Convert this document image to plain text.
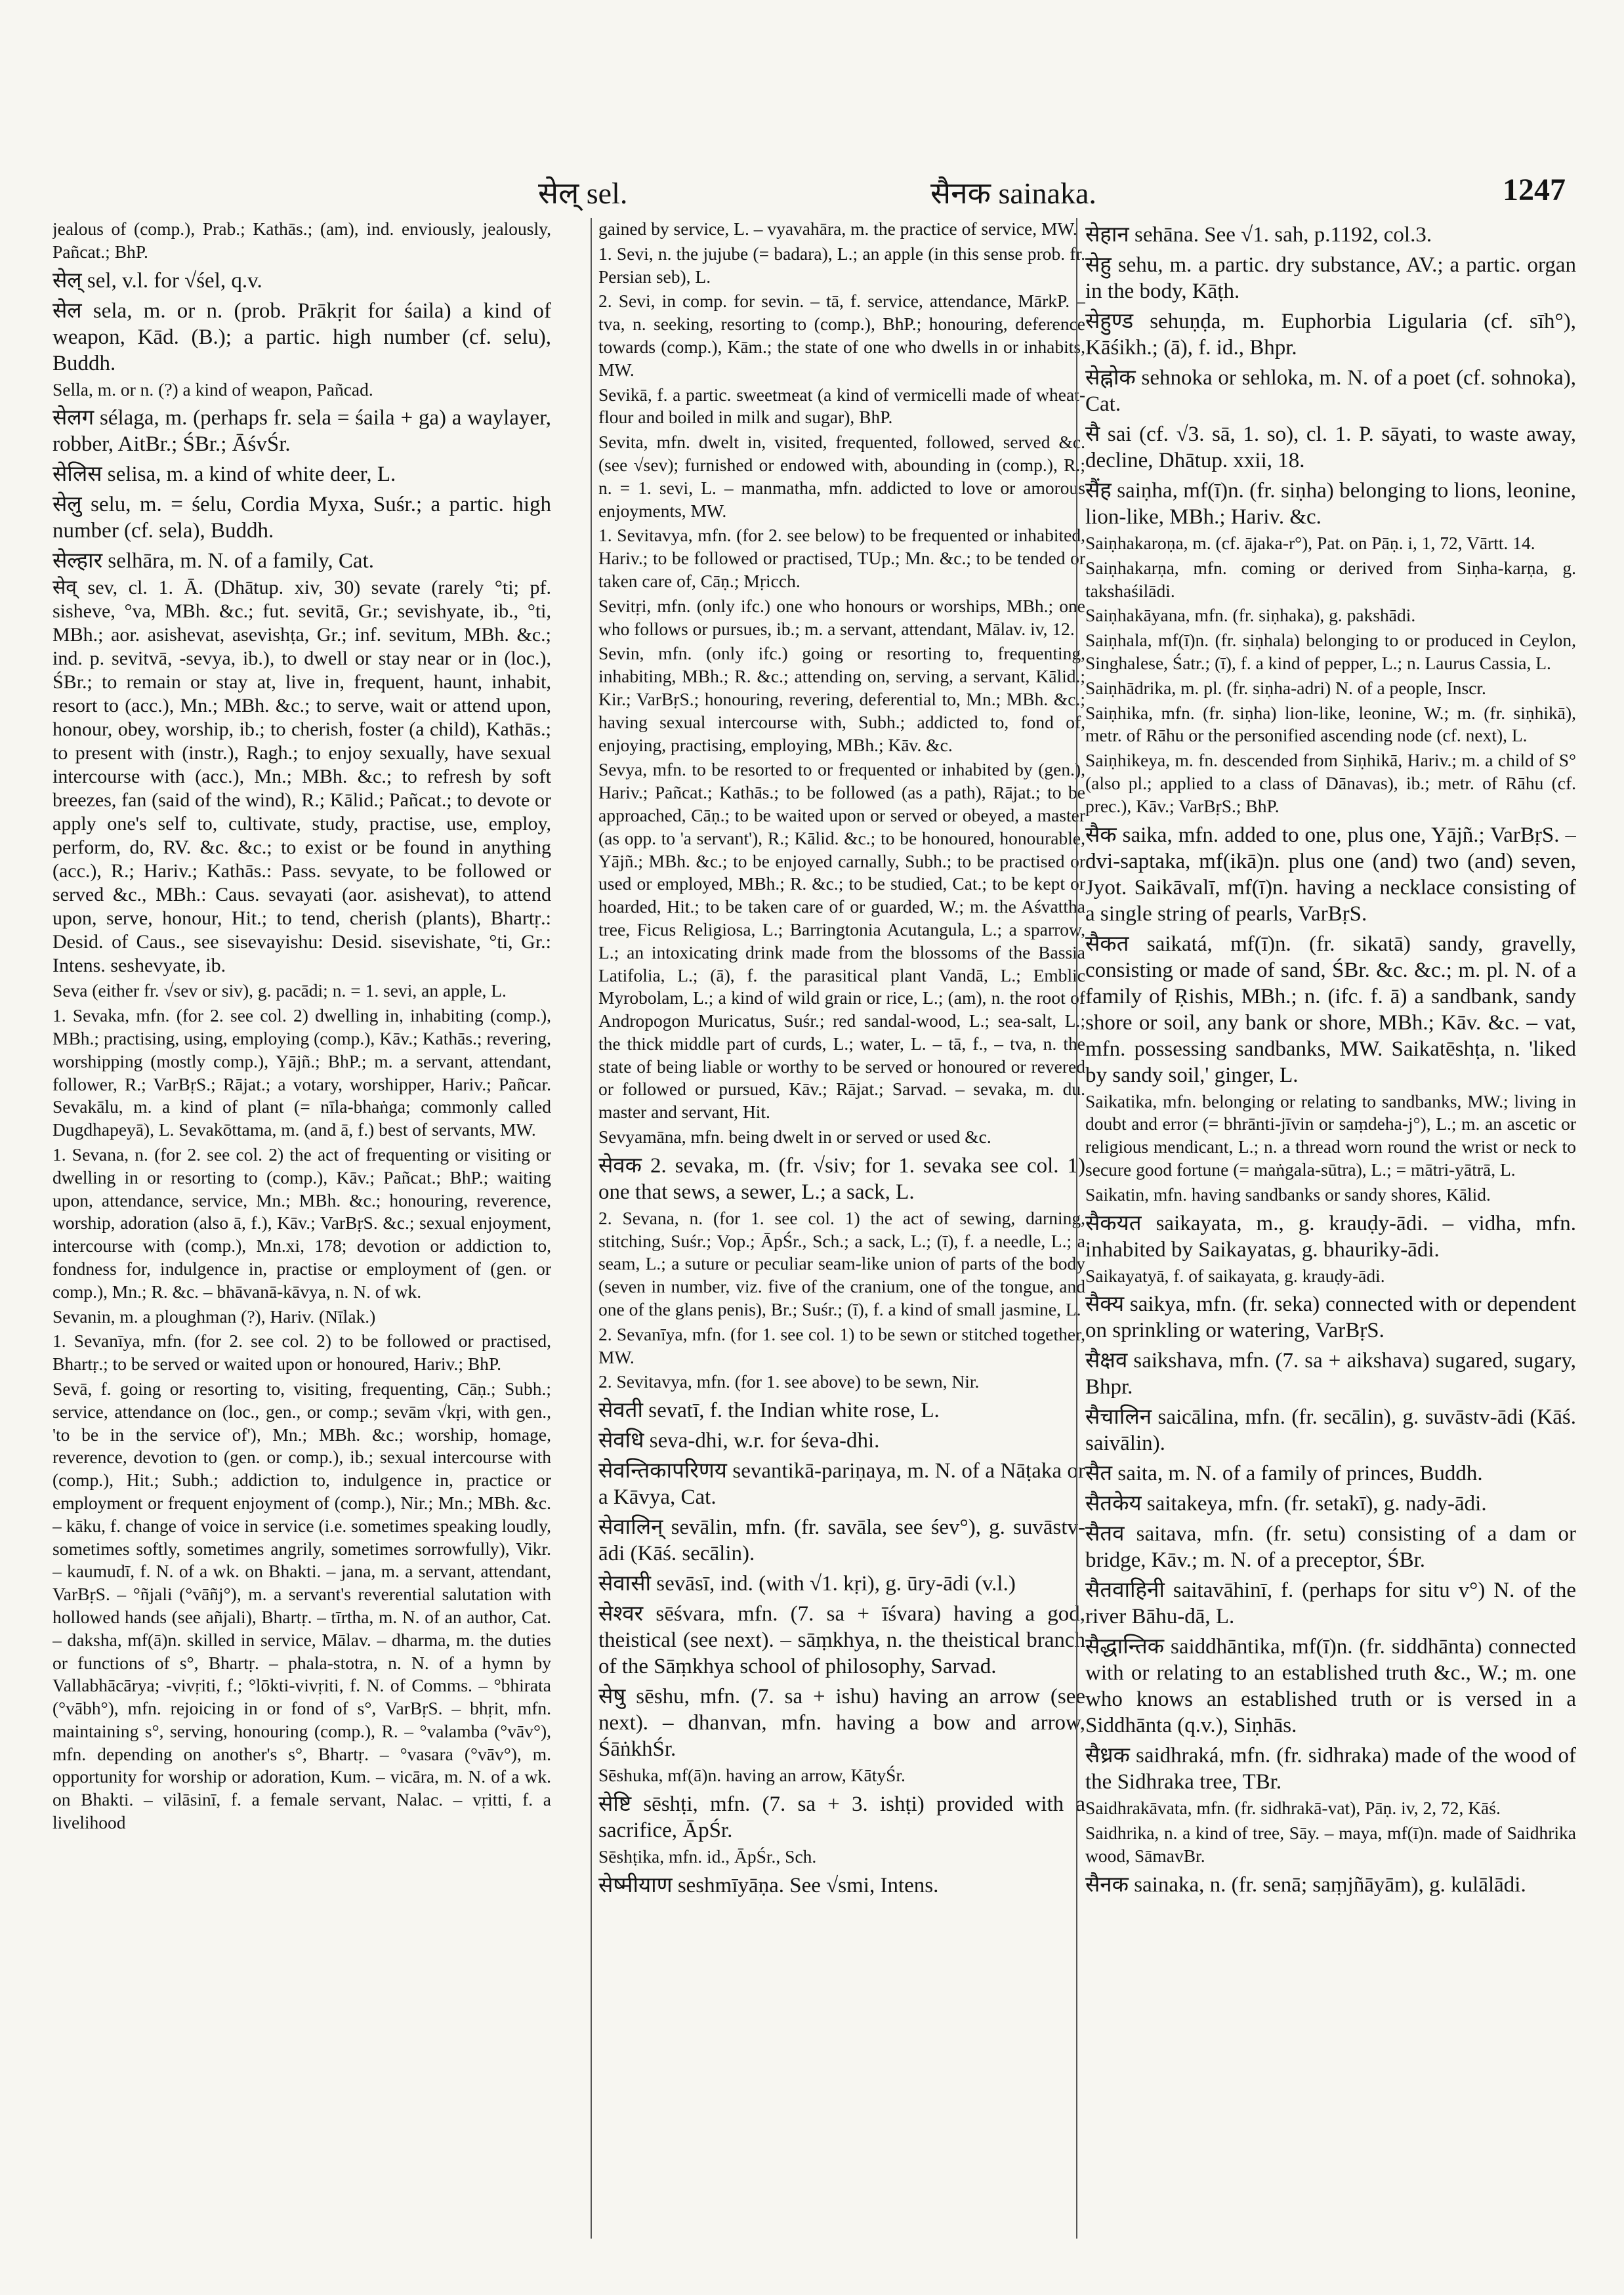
सेल् sel.	सैनक sainaka.	1247

jealous of (comp.), Prab.; Kathās.; (am), ind. enviously, jealously, Pañcat.; BhP.

सेल् sel, v.l. for √śel, q.v.

सेल sela, m. or n. (prob. Prākṛit for śaila) a kind of weapon, Kād. (B.); a partic. high number (cf. selu), Buddh.

Sella, m. or n. (?) a kind of weapon, Pañcad.

सेलग sélaga, m. (perhaps fr. sela = śaila + ga) a waylayer, robber, AitBr.; ŚBr.; ĀśvŚr.

सेलिस selisa, m. a kind of white deer, L.

सेलु selu, m. = śelu, Cordia Myxa, Suśr.; a partic. high number (cf. sela), Buddh.

सेल्हार selhāra, m. N. of a family, Cat.

सेव् sev, cl. 1. Ā. (Dhātup. xiv, 30) sevate (rarely °ti; pf. sisheve, °va, MBh. &c.; fut. sevitā, Gr.; sevishyate, ib., °ti, MBh.; aor. asishevat, asevishṭa, Gr.; inf. sevitum, MBh. &c.; ind. p. sevitvā, -sevya, ib.), to dwell or stay near or in (loc.), ŚBr.; to remain or stay at, live in, frequent, haunt, inhabit, resort to (acc.), Mn.; MBh. &c.; to serve, wait or attend upon, honour, obey, worship, ib.; to cherish, foster (a child), Kathās.; to present with (instr.), Ragh.; to enjoy sexually, have sexual intercourse with (acc.), Mn.; MBh. &c.; to refresh by soft breezes, fan (said of the wind), R.; Kālid.; Pañcat.; to devote or apply one's self to, cultivate, study, practise, use, employ, perform, do, RV. &c. &c.; to exist or be found in anything (acc.), R.; Hariv.; Kathās.: Pass. sevyate, to be followed or served &c., MBh.: Caus. sevayati (aor. asishevat), to attend upon, serve, honour, Hit.; to tend, cherish (plants), Bhartṛ.: Desid. of Caus., see sisevayishu: Desid. sisevishate, °ti, Gr.: Intens. seshevyate, ib.

Seva (either fr. √sev or siv), g. pacādi; n. = 1. sevi, an apple, L.

1. Sevaka, mfn. (for 2. see col. 2) dwelling in, inhabiting (comp.), MBh.; practising, using, employing (comp.), Kāv.; Kathās.; revering, worshipping (mostly comp.), Yājñ.; BhP.; m. a servant, attendant, follower, R.; VarBṛS.; Rājat.; a votary, worshipper, Hariv.; Pañcar. Sevakālu, m. a kind of plant (= nīla-bhaṅga; commonly called Dugdhapeyā), L. Sevakōttama, m. (and ā, f.) best of servants, MW.

1. Sevana, n. (for 2. see col. 2) the act of frequenting or visiting or dwelling in or resorting to (comp.), Kāv.; Pañcat.; BhP.; waiting upon, attendance, service, Mn.; MBh. &c.; honouring, reverence, worship, adoration (also ā, f.), Kāv.; VarBṛS. &c.; sexual enjoyment, intercourse with (comp.), Mn.xi, 178; devotion or addiction to, fondness for, indulgence in, practise or employment of (gen. or comp.), Mn.; R. &c. – bhāvanā-kāvya, n. N. of wk.

Sevanin, m. a ploughman (?), Hariv. (Nīlak.)

1. Sevanīya, mfn. (for 2. see col. 2) to be followed or practised, Bhartṛ.; to be served or waited upon or honoured, Hariv.; BhP.

Sevā, f. going or resorting to, visiting, frequenting, Cāṇ.; Subh.; service, attendance on (loc., gen., or comp.; sevām √kṛi, with gen., 'to be in the service of'), Mn.; MBh. &c.; worship, homage, reverence, devotion to (gen. or comp.), ib.; sexual intercourse with (comp.), Hit.; Subh.; addiction to, indulgence in, practice or employment or frequent enjoyment of (comp.), Nir.; Mn.; MBh. &c. – kāku, f. change of voice in service (i.e. sometimes speaking loudly, sometimes softly, sometimes angrily, sometimes sorrowfully), Vikr. – kaumudī, f. N. of a wk. on Bhakti. – jana, m. a servant, attendant, VarBṛS. – °ñjali (°vāñj°), m. a servant's reverential salutation with hollowed hands (see añjali), Bhartṛ. – tīrtha, m. N. of an author, Cat. – daksha, mf(ā)n. skilled in service, Mālav. – dharma, m. the duties or functions of s°, Bhartṛ. – phala-stotra, n. N. of a hymn by Vallabhācārya; -vivṛiti, f.; °lōkti-vivṛiti, f. N. of Comms. – °bhirata (°vābh°), mfn. rejoicing in or fond of s°, VarBṛS. – bhṛit, mfn. maintaining s°, serving, honouring (comp.), R. – °valamba (°vāv°), mfn. depending on another's s°, Bhartṛ. – °vasara (°vāv°), m. opportunity for worship or adoration, Kum. – vicāra, m. N. of a wk. on Bhakti. – vilāsinī, f. a female servant, Nalac. – vṛitti, f. a livelihood

gained by service, L. – vyavahāra, m. the practice of service, MW.

1. Sevi, n. the jujube (= badara), L.; an apple (in this sense prob. fr. Persian seb), L.

2. Sevi, in comp. for sevin. – tā, f. service, attendance, MārkP. – tva, n. seeking, resorting to (comp.), BhP.; honouring, deference towards (comp.), Kām.; the state of one who dwells in or inhabits, MW.

Sevikā, f. a partic. sweetmeat (a kind of vermicelli made of wheat-flour and boiled in milk and sugar), BhP.

Sevita, mfn. dwelt in, visited, frequented, followed, served &c. (see √sev); furnished or endowed with, abounding in (comp.), R.; n. = 1. sevi, L. – manmatha, mfn. addicted to love or amorous enjoyments, MW.

1. Sevitavya, mfn. (for 2. see below) to be frequented or inhabited, Hariv.; to be followed or practised, TUp.; Mn. &c.; to be tended or taken care of, Cāṇ.; Mṛicch.

Sevitṛi, mfn. (only ifc.) one who honours or worships, MBh.; one who follows or pursues, ib.; m. a servant, attendant, Mālav. iv, 12.

Sevin, mfn. (only ifc.) going or resorting to, frequenting, inhabiting, MBh.; R. &c.; attending on, serving, a servant, Kālid.; Kir.; VarBṛS.; honouring, revering, deferential to, Mn.; MBh. &c.; having sexual intercourse with, Subh.; addicted to, fond of, enjoying, practising, employing, MBh.; Kāv. &c.

Sevya, mfn. to be resorted to or frequented or inhabited by (gen.), Hariv.; Pañcat.; Kathās.; to be followed (as a path), Rājat.; to be approached, Cāṇ.; to be waited upon or served or obeyed, a master (as opp. to 'a servant'), R.; Kālid. &c.; to be honoured, honourable, Yājñ.; MBh. &c.; to be enjoyed carnally, Subh.; to be practised or used or employed, MBh.; R. &c.; to be studied, Cat.; to be kept or hoarded, Hit.; to be taken care of or guarded, W.; m. the Aśvattha tree, Ficus Religiosa, L.; Barringtonia Acutangula, L.; a sparrow, L.; an intoxicating drink made from the blossoms of the Bassia Latifolia, L.; (ā), f. the parasitical plant Vandā, L.; Emblic Myrobolam, L.; a kind of wild grain or rice, L.; (am), n. the root of Andropogon Muricatus, Suśr.; red sandal-wood, L.; sea-salt, L.; the thick middle part of curds, L.; water, L. – tā, f., – tva, n. the state of being liable or worthy to be served or honoured or revered or followed or pursued, Kāv.; Rājat.; Sarvad. – sevaka, m. du. master and servant, Hit.

Sevyamāna, mfn. being dwelt in or served or used &c.

सेवक 2. sevaka, m. (fr. √siv; for 1. sevaka see col. 1) one that sews, a sewer, L.; a sack, L.

2. Sevana, n. (for 1. see col. 1) the act of sewing, darning, stitching, Suśr.; Vop.; ĀpŚr., Sch.; a sack, L.; (ī), f. a needle, L.; a seam, L.; a suture or peculiar seam-like union of parts of the body (seven in number, viz. five of the cranium, one of the tongue, and one of the glans penis), Br.; Suśr.; (ī), f. a kind of small jasmine, L.

2. Sevanīya, mfn. (for 1. see col. 1) to be sewn or stitched together, MW.

2. Sevitavya, mfn. (for 1. see above) to be sewn, Nir.

सेवती sevatī, f. the Indian white rose, L.

सेवधि seva-dhi, w.r. for śeva-dhi.

सेवन्तिकापरिणय sevantikā-pariṇaya, m. N. of a Nāṭaka or a Kāvya, Cat.

सेवालिन् sevālin, mfn. (fr. savāla, see śev°), g. suvāstv-ādi (Kāś. secālin).

सेवासी sevāsī, ind. (with √1. kṛi), g. ūry-ādi (v.l.)

सेश्वर sēśvara, mfn. (7. sa + īśvara) having a god, theistical (see next). – sāṃkhya, n. the theistical branch of the Sāṃkhya school of philosophy, Sarvad.

सेषु sēshu, mfn. (7. sa + ishu) having an arrow (see next). – dhanvan, mfn. having a bow and arrow, ŚāṅkhŚr.

Sēshuka, mf(ā)n. having an arrow, KātyŚr.

सेष्टि sēshṭi, mfn. (7. sa + 3. ishṭi) provided with a sacrifice, ĀpŚr.

Sēshṭika, mfn. id., ĀpŚr., Sch.

सेष्मीयाण seshmīyāṇa. See √smi, Intens.

सेहान sehāna. See √1. sah, p.1192, col.3.

सेहु sehu, m. a partic. dry substance, AV.; a partic. organ in the body, Kāṭh.

सेहुण्ड sehuṇḍa, m. Euphorbia Ligularia (cf. sīh°), Kāśikh.; (ā), f. id., Bhpr.

सेह्नोक sehnoka or sehloka, m. N. of a poet (cf. sohnoka), Cat.

सै sai (cf. √3. sā, 1. so), cl. 1. P. sāyati, to waste away, decline, Dhātup. xxii, 18.

सैंह saiṇha, mf(ī)n. (fr. siṇha) belonging to lions, leonine, lion-like, MBh.; Hariv. &c.

Saiṇhakaroṇa, m. (cf. ājaka-r°), Pat. on Pāṇ. i, 1, 72, Vārtt. 14.

Saiṇhakarṇa, mfn. coming or derived from Siṇha-karṇa, g. takshaśilādi.

Saiṇhakāyana, mfn. (fr. siṇhaka), g. pakshādi.

Saiṇhala, mf(ī)n. (fr. siṇhala) belonging to or produced in Ceylon, Singhalese, Śatr.; (ī), f. a kind of pepper, L.; n. Laurus Cassia, L.

Saiṇhādrika, m. pl. (fr. siṇha-adri) N. of a people, Inscr.

Saiṇhika, mfn. (fr. siṇha) lion-like, leonine, W.; m. (fr. siṇhikā), metr. of Rāhu or the personified ascending node (cf. next), L.

Saiṇhikeya, m. fn. descended from Siṇhikā, Hariv.; m. a child of S° (also pl.; applied to a class of Dānavas), ib.; metr. of Rāhu (cf. prec.), Kāv.; VarBṛS.; BhP.

सैक saika, mfn. added to one, plus one, Yājñ.; VarBṛS. – dvi-saptaka, mf(ikā)n. plus one (and) two (and) seven, Jyot. Saikāvalī, mf(ī)n. having a necklace consisting of a single string of pearls, VarBṛS.

सैकत saikatá, mf(ī)n. (fr. sikatā) sandy, gravelly, consisting or made of sand, ŚBr. &c. &c.; m. pl. N. of a family of Ṛishis, MBh.; n. (ifc. f. ā) a sandbank, sandy shore or soil, any bank or shore, MBh.; Kāv. &c. – vat, mfn. possessing sandbanks, MW. Saikatēshṭa, n. 'liked by sandy soil,' ginger, L.

Saikatika, mfn. belonging or relating to sandbanks, MW.; living in doubt and error (= bhrānti-jīvin or saṃdeha-j°), L.; m. an ascetic or religious mendicant, L.; n. a thread worn round the wrist or neck to secure good fortune (= maṅgala-sūtra), L.; = mātri-yātrā, L.

Saikatin, mfn. having sandbanks or sandy shores, Kālid.

सैकयत saikayata, m., g. krauḍy-ādi. – vidha, mfn. inhabited by Saikayatas, g. bhauriky-ādi.

Saikayatyā, f. of saikayata, g. krauḍy-ādi.

सैक्य saikya, mfn. (fr. seka) connected with or dependent on sprinkling or watering, VarBṛS.

सैक्षव saikshava, mfn. (7. sa + aikshava) sugared, sugary, Bhpr.

सैचालिन saicālina, mfn. (fr. secālin), g. suvāstv-ādi (Kāś. saivālin).

सैत saita, m. N. of a family of princes, Buddh.

सैतकेय saitakeya, mfn. (fr. setakī), g. nady-ādi.

सैतव saitava, mfn. (fr. setu) consisting of a dam or bridge, Kāv.; m. N. of a preceptor, ŚBr.

सैतवाहिनी saitavāhinī, f. (perhaps for situ v°) N. of the river Bāhu-dā, L.

सैद्धान्तिक saiddhāntika, mf(ī)n. (fr. siddhānta) connected with or relating to an established truth &c., W.; m. one who knows an established truth or is versed in a Siddhānta (q.v.), Siṇhās.

सैध्रक saidhraká, mfn. (fr. sidhraka) made of the wood of the Sidhraka tree, TBr.

Saidhrakāvata, mfn. (fr. sidhrakā-vat), Pāṇ. iv, 2, 72, Kāś.

Saidhrika, n. a kind of tree, Sāy. – maya, mf(ī)n. made of Saidhrika wood, SāmavBr.

सैनक sainaka, n. (fr. senā; saṃjñāyām), g. kulālādi.
